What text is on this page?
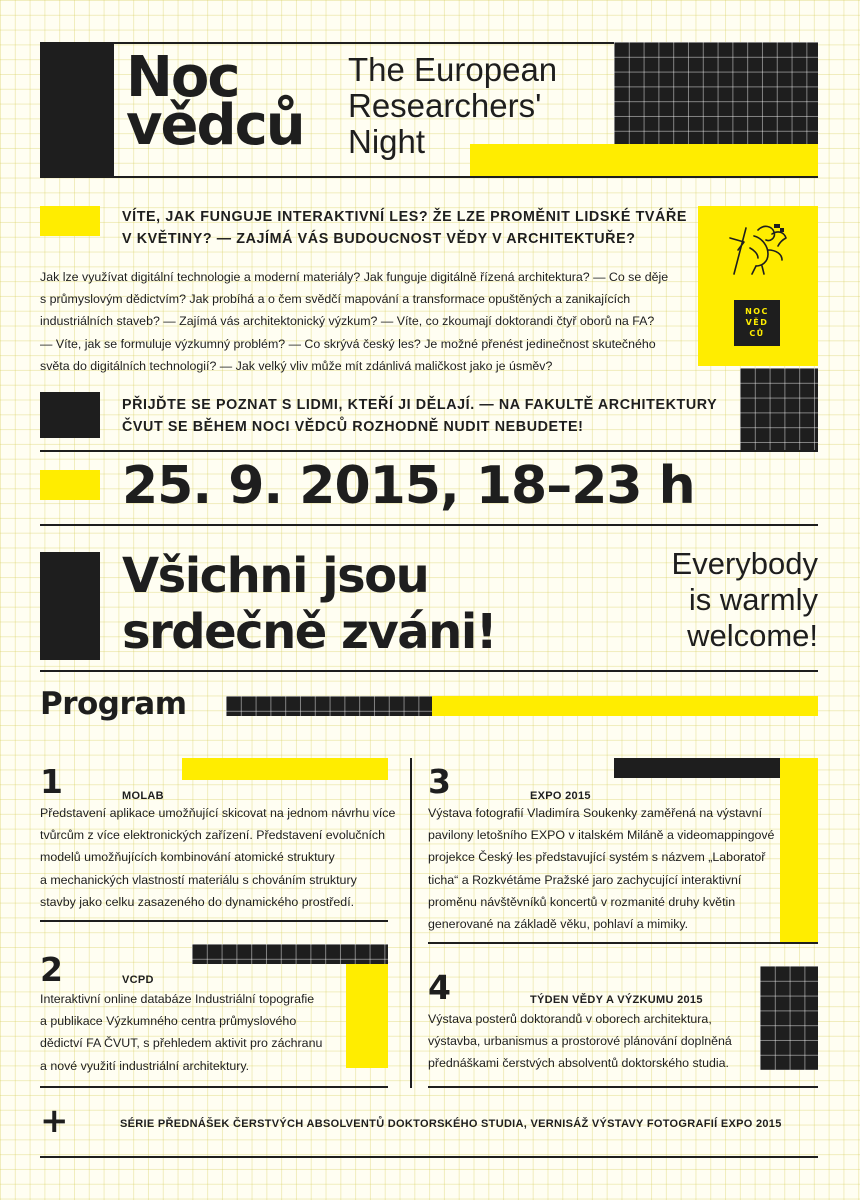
Noc
vědců
The European
Researchers'
Night
VÍTE, JAK FUNGUJE INTERAKTIVNÍ LES? ŽE LZE PROMĚNIT LIDSKÉ TVÁŘE
V KVĚTINY? — ZAJÍMÁ VÁS BUDOUCNOST VĚDY V ARCHITEKTUŘE?
NOC
VĚD
CŮ
Jak lze využívat digitální technologie a moderní materiály? Jak funguje digitálně řízená architektura? — Co se děje
s průmyslovým dědictvím? Jak probíhá a o čem svědčí mapování a transformace opuštěných a zanikajících
industriálních staveb? — Zajímá vás architektonický výzkum? — Víte, co zkoumají doktorandi čtyř oborů na FA?
— Víte, jak se formuluje výzkumný problém? — Co skrývá český les? Je možné přenést jedinečnost skutečného
světa do digitálních technologií? — Jak velký vliv může mít zdánlivá maličkost jako je úsměv?
PŘIJĎTE SE POZNAT S LIDMI, KTEŘÍ JI DĚLAJÍ. — NA FAKULTĚ ARCHITEKTURY
ČVUT SE BĚHEM NOCI VĚDCŮ ROZHODNĚ NUDIT NEBUDETE!
25. 9. 2015, 18–23 h
Všichni jsou
srdečně zváni!
Everybody
is warmly
welcome!
Program
1	MOLAB
Představení aplikace umožňující skicovat na jednom návrhu více
tvůrcům z více elektronických zařízení. Představení evolučních
modelů umožňujících kombinování atomické struktury
a mechanických vlastností materiálu s chováním struktury
stavby jako celku zasazeného do dynamického prostředí.
2	VCPD
Interaktivní online databáze Industriální topografie
a publikace Výzkumného centra průmyslového
dědictví FA ČVUT, s přehledem aktivit pro záchranu
a nové využití industriální architektury.
3	EXPO 2015
Výstava fotografií Vladimíra Soukenky zaměřená na výstavní
pavilony letošního EXPO v italském Miláně a videomappingové
projekce Český les představující systém s názvem „Laboratoř
ticha“ a Rozkvétáme Pražské jaro zachycující interaktivní
proměnu návštěvníků koncertů v rozmanité druhy květin
generované na základě věku, pohlaví a mimiky.
4	TÝDEN VĚDY A VÝZKUMU 2015
Výstava posterů doktorandů v oborech architektura,
výstavba, urbanismus a prostorové plánování doplněná
přednáškami čerstvých absolventů doktorského studia.
+	SÉRIE PŘEDNÁŠEK ČERSTVÝCH ABSOLVENTŮ DOKTORSKÉHO STUDIA, VERNISÁŽ VÝSTAVY FOTOGRAFIÍ EXPO 2015
